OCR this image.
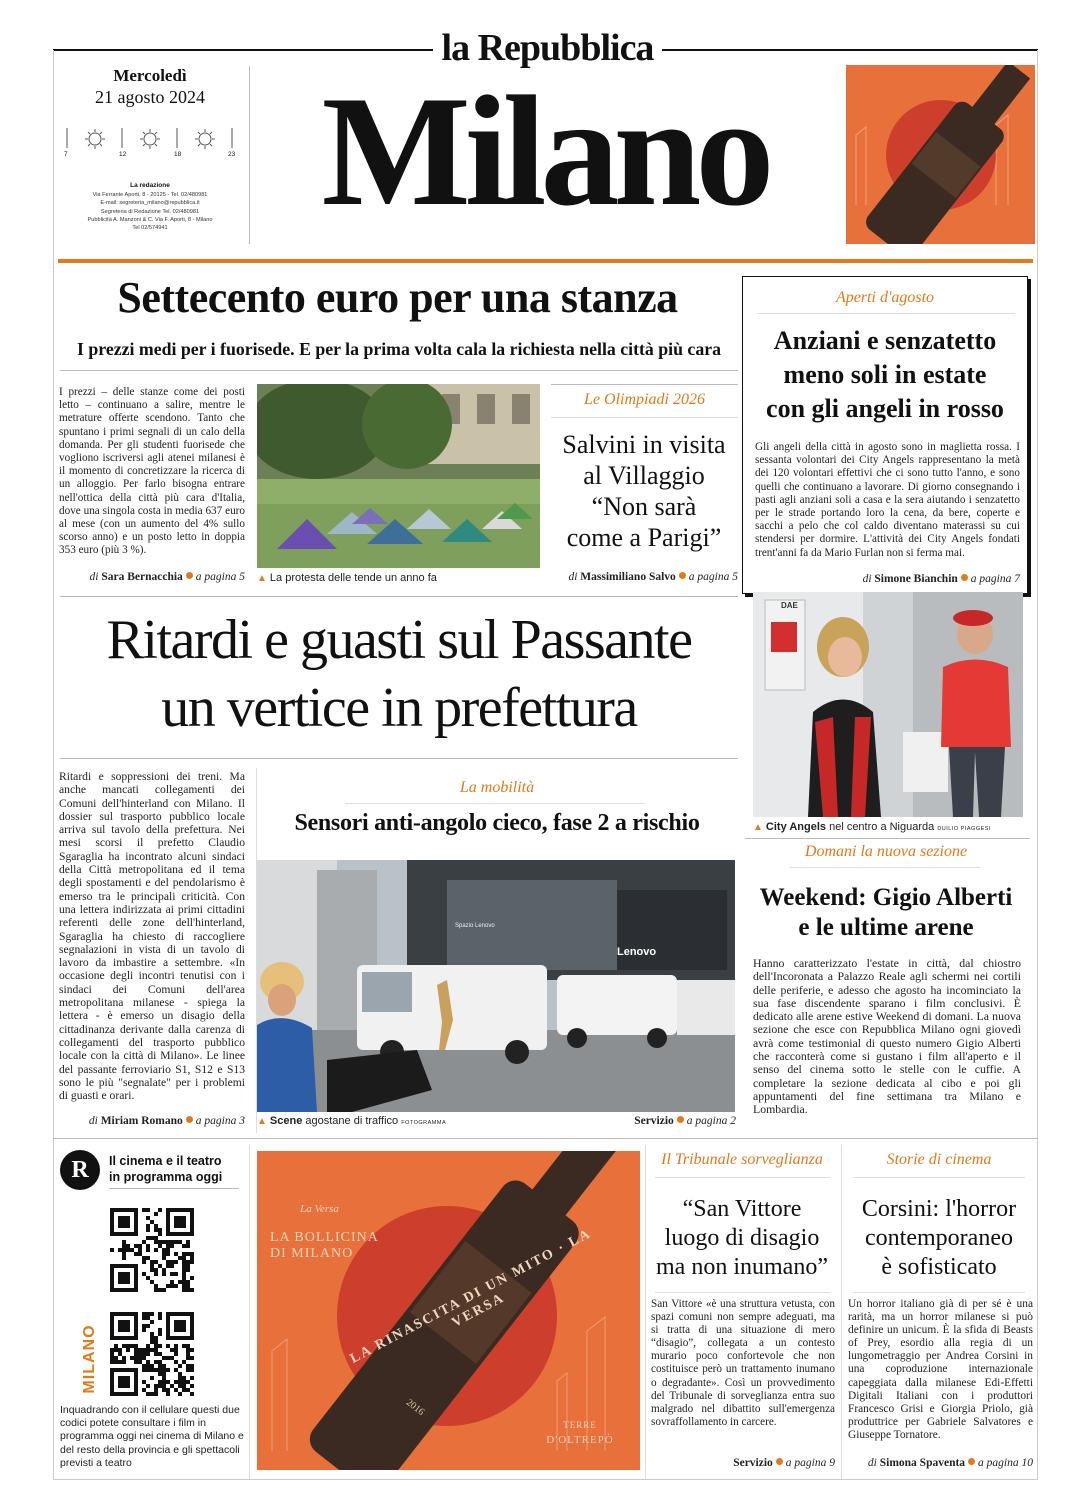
la Repubblica
Mercoledì
21 agosto 2024
7	12	18	23
La redazione
Via Ferrante Aporti, 8 - 20125 - Tel. 02/480981
E-mail: segreteria_milano@repubblica.it
Segreteria di Redazione Tel. 02/480981
Pubblicità A. Manzoni & C. Via F. Aporti, 8 - Milano
Tel 02/574941 Milano
Settecento euro per una stanza
I prezzi medi per i fuorisede. E per la prima volta cala la richiesta nella città più cara
I prezzi – delle stanze come dei posti letto – continuano a salire, mentre le metrature offerte scendono. Tanto che spuntano i primi segnali di un calo della domanda. Per gli studenti fuorisede che vogliono iscriversi agli atenei milanesi è il momento di concretizzare la ricerca di un alloggio. Per farlo bisogna entrare nell'ottica della città più cara d'Italia, dove una singola costa in media 637 euro al mese (con un aumento del 4% sullo scorso anno) e un posto letto in doppia 353 euro (più 3 %).
di Sara Bernacchia a pagina 5 ▲ La protesta delle tende un anno fa
Le Olimpiadi 2026
Salvini in visita
al Villaggio
“Non sarà
come a Parigi”
di Massimiliano Salvo a pagina 5
Aperti d'agosto
Anziani e senzatetto
meno soli in estate
con gli angeli in rosso
Gli angeli della città in agosto sono in maglietta rossa. I sessanta volontari dei City Angels rappresentano la metà dei 120 volontari effettivi che ci sono tutto l'anno, e sono quelli che continuano a lavorare. Di giorno consegnando i pasti agli anziani soli a casa e la sera aiutando i senzatetto per le strade portando loro la cena, da bere, coperte e sacchi a pelo che col caldo diventano materassi su cui stendersi per dormire. L'attività dei City Angels fondati trent'anni fa da Mario Furlan non si ferma mai.
di Simone Bianchin a pagina 7
DAE
▲ City Angels nel centro a Niguarda DUILIO PIAGGESI
Ritardi e guasti sul Passante
un vertice in prefettura
Ritardi e soppressioni dei treni. Ma anche mancati collegamenti dei Comuni dell'hinterland con Milano. Il dossier sul trasporto pubblico locale arriva sul tavolo della prefettura. Nei mesi scorsi il prefetto Claudio Sgaraglia ha incontrato alcuni sindaci della Città metropolitana ed il tema degli spostamenti e del pendolarismo è emerso tra le principali criticità. Con una lettera indirizzata ai primi cittadini referenti delle zone dell'hinterland, Sgaraglia ha chiesto di raccogliere segnalazioni in vista di un tavolo di lavoro da imbastire a settembre. «In occasione degli incontri tenutisi con i sindaci dei Comuni dell'area metropolitana milanese - spiega la lettera - è emerso un disagio della cittadinanza derivante dalla carenza di collegamenti del trasporto pubblico locale con la città di Milano». Le linee del passante ferroviario S1, S12 e S13 sono le più "segnalate" per i problemi di guasti e orari.
di Miriam Romano a pagina 3
La mobilità
Sensori anti-angolo cieco, fase 2 a rischio
Spazio Lenovo
Lenovo
▲ Scene agostane di traffico FOTOGRAMMA	Servizio a pagina 2
Domani la nuova sezione
Weekend: Gigio Alberti
e le ultime arene
Hanno caratterizzato l'estate in città, dal chiostro dell'Incoronata a Palazzo Reale agli schermi nei cortili delle periferie, e adesso che agosto ha incominciato la sua fase discendente sparano i film conclusivi. È dedicato alle arene estive Weekend di domani. La nuova sezione che esce con Repubblica Milano ogni giovedì avrà come testimonial di questo numero Gigio Alberti che racconterà come si gustano i film all'aperto e il senso del cinema sotto le stelle con le cuffie. A completare la sezione dedicata al cibo e poi gli appuntamenti del fine settimana tra Milano e Lombardia.
R	Il cinema e il teatro
in programma oggi
MILANO
Inquadrando con il cellulare questi due codici potete consultare i film in programma oggi nei cinema di Milano e del resto della provincia e gli spettacoli previsti a teatro
La Versa
LA BOLLICINA
DI MILANO
LA RINASCITA DI UN MITO · LA VERSA
2016
TERRE
D'OLTREPÒ
Il Tribunale sorveglianza
“San Vittore
luogo di disagio
ma non inumano”
San Vittore «è una struttura vetusta, con spazi comuni non sempre adeguati, ma si tratta di una situazione di mero “disagio”, collegata a un contesto murario poco confortevole che non costituisce però un trattamento inumano o degradante». Così un provvedimento del Tribunale di sorveglianza entra suo malgrado nel dibattito sull'emergenza sovraffollamento in carcere.
Servizio a pagina 9
Storie di cinema
Corsini: l'horror
contemporaneo
è sofisticato
Un horror italiano già di per sé è una rarità, ma un horror milanese si può definire un unicum. È la sfida di Beasts of Prey, esordio alla regia di un lungometraggio per Andrea Corsini in una coproduzione internazionale capeggiata dalla milanese Edi-Effetti Digitali Italiani con i produttori Francesco Grisi e Giorgia Priolo, già produttrice per Gabriele Salvatores e Giuseppe Tornatore.
di Simona Spaventa a pagina 10
